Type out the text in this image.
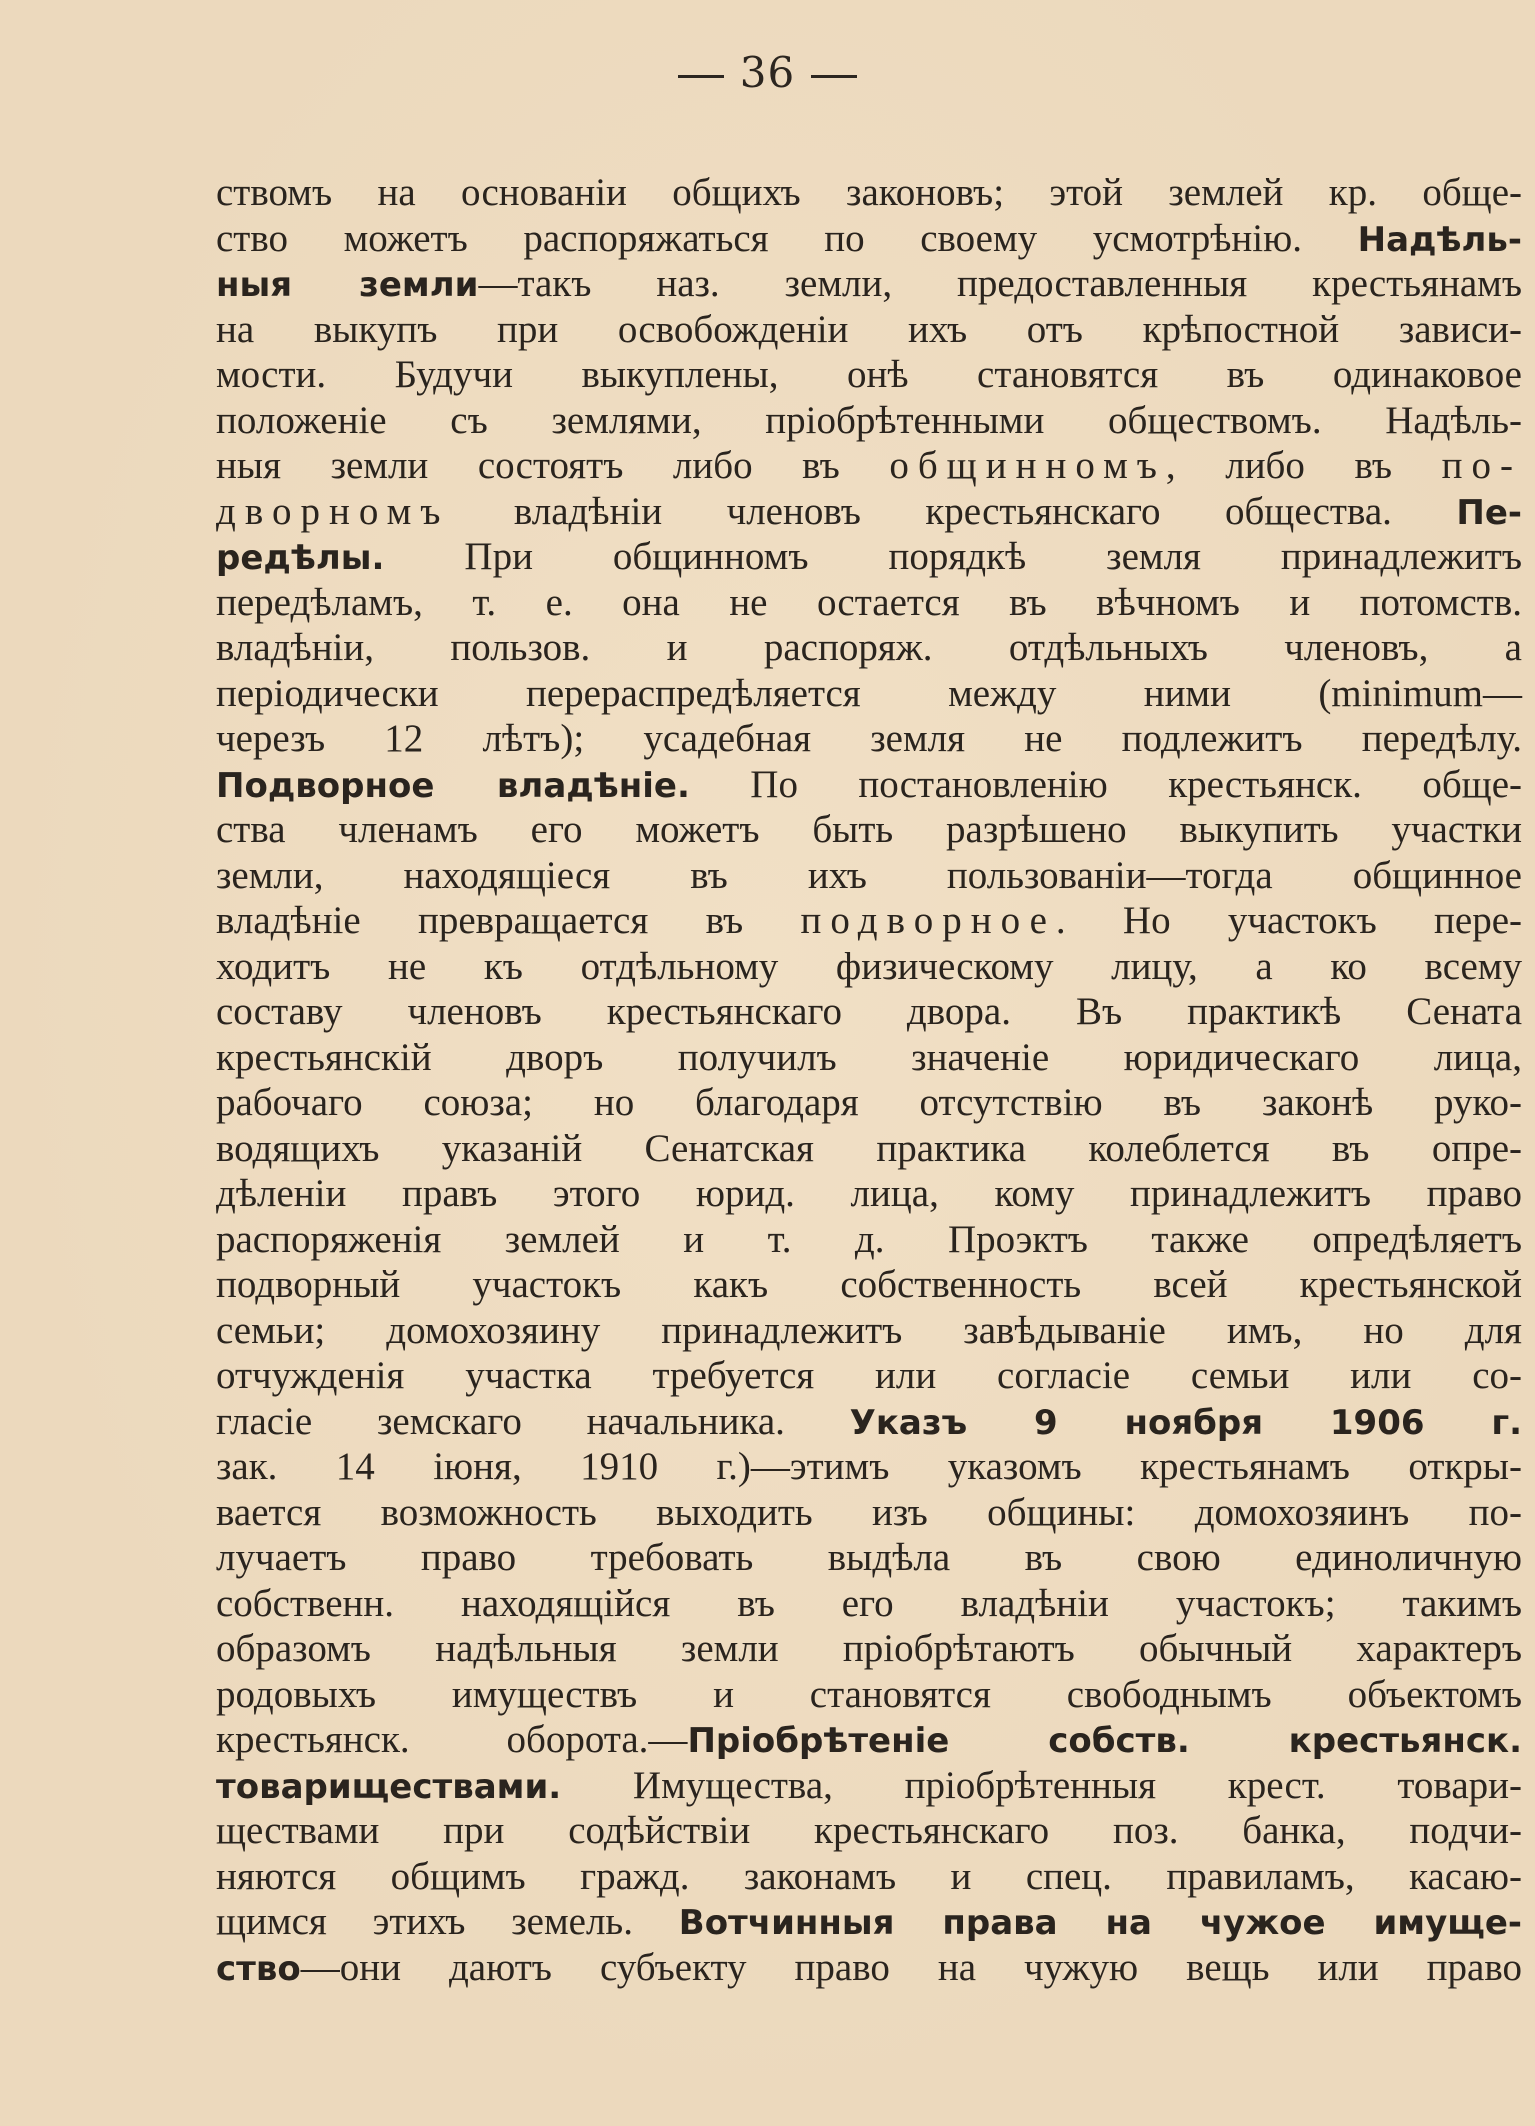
36
ствомъ на основаніи общихъ законовъ; этой землей кр. обще-
ство можетъ распоряжаться по своему усмотрѣнію. Надѣль-
ныя земли—такъ наз. земли, предоставленныя крестьянамъ
на выкупъ при освобожденіи ихъ отъ крѣпостной зависи-
мости. Будучи выкуплены, онѣ становятся въ одинаковое
положеніе съ землями, пріобрѣтенными обществомъ. Надѣль-
ныя земли состоятъ либо въ общинномъ, либо въ по-
дворномъ владѣніи членовъ крестьянскаго общества. Пе-
редѣлы. При общинномъ порядкѣ земля принадлежитъ
передѣламъ, т. е. она не остается въ вѣчномъ и потомств.
владѣніи, пользов. и распоряж. отдѣльныхъ членовъ, а
періодически перераспредѣляется между ними (minimum—
черезъ 12 лѣтъ); усадебная земля не подлежитъ передѣлу.
Подворное владѣніе. По постановленію крестьянск. обще-
ства членамъ его можетъ быть разрѣшено выкупить участки
земли, находящіеся въ ихъ пользованіи—тогда общинное
владѣніе превращается въ подворное. Но участокъ пере-
ходитъ не къ отдѣльному физическому лицу, а ко всему
составу членовъ крестьянскаго двора. Въ практикѣ Сената
крестьянскій дворъ получилъ значеніе юридическаго лица,
рабочаго союза; но благодаря отсутствію въ законѣ руко-
водящихъ указаній Сенатская практика колеблется въ опре-
дѣленіи правъ этого юрид. лица, кому принадлежитъ право
распоряженія землей и т. д. Проэктъ также опредѣляетъ
подворный участокъ какъ собственность всей крестьянской
семьи; домохозяину принадлежитъ завѣдываніе имъ, но для
отчужденія участка требуется или согласіе семьи или со-
гласіе земскаго начальника. Указъ 9 ноября 1906 г.
зак. 14 іюня, 1910 г.)—этимъ указомъ крестьянамъ откры-
вается возможность выходить изъ общины: домохозяинъ по-
лучаетъ право требовать выдѣла въ свою единоличную
собственн. находящійся въ его владѣніи участокъ; такимъ
образомъ надѣльныя земли пріобрѣтаютъ обычный характеръ
родовыхъ имуществъ и становятся свободнымъ объектомъ
крестьянск. оборота.—Пріобрѣтеніе собств. крестьянск.
товариществами. Имущества, пріобрѣтенныя крест. товари-
ществами при содѣйствіи крестьянскаго поз. банка, подчи-
няются общимъ гражд. законамъ и спец. правиламъ, касаю-
щимся этихъ земель. Вотчинныя права на чужое имуще-
ство—они даютъ субъекту право на чужую вещь или право
